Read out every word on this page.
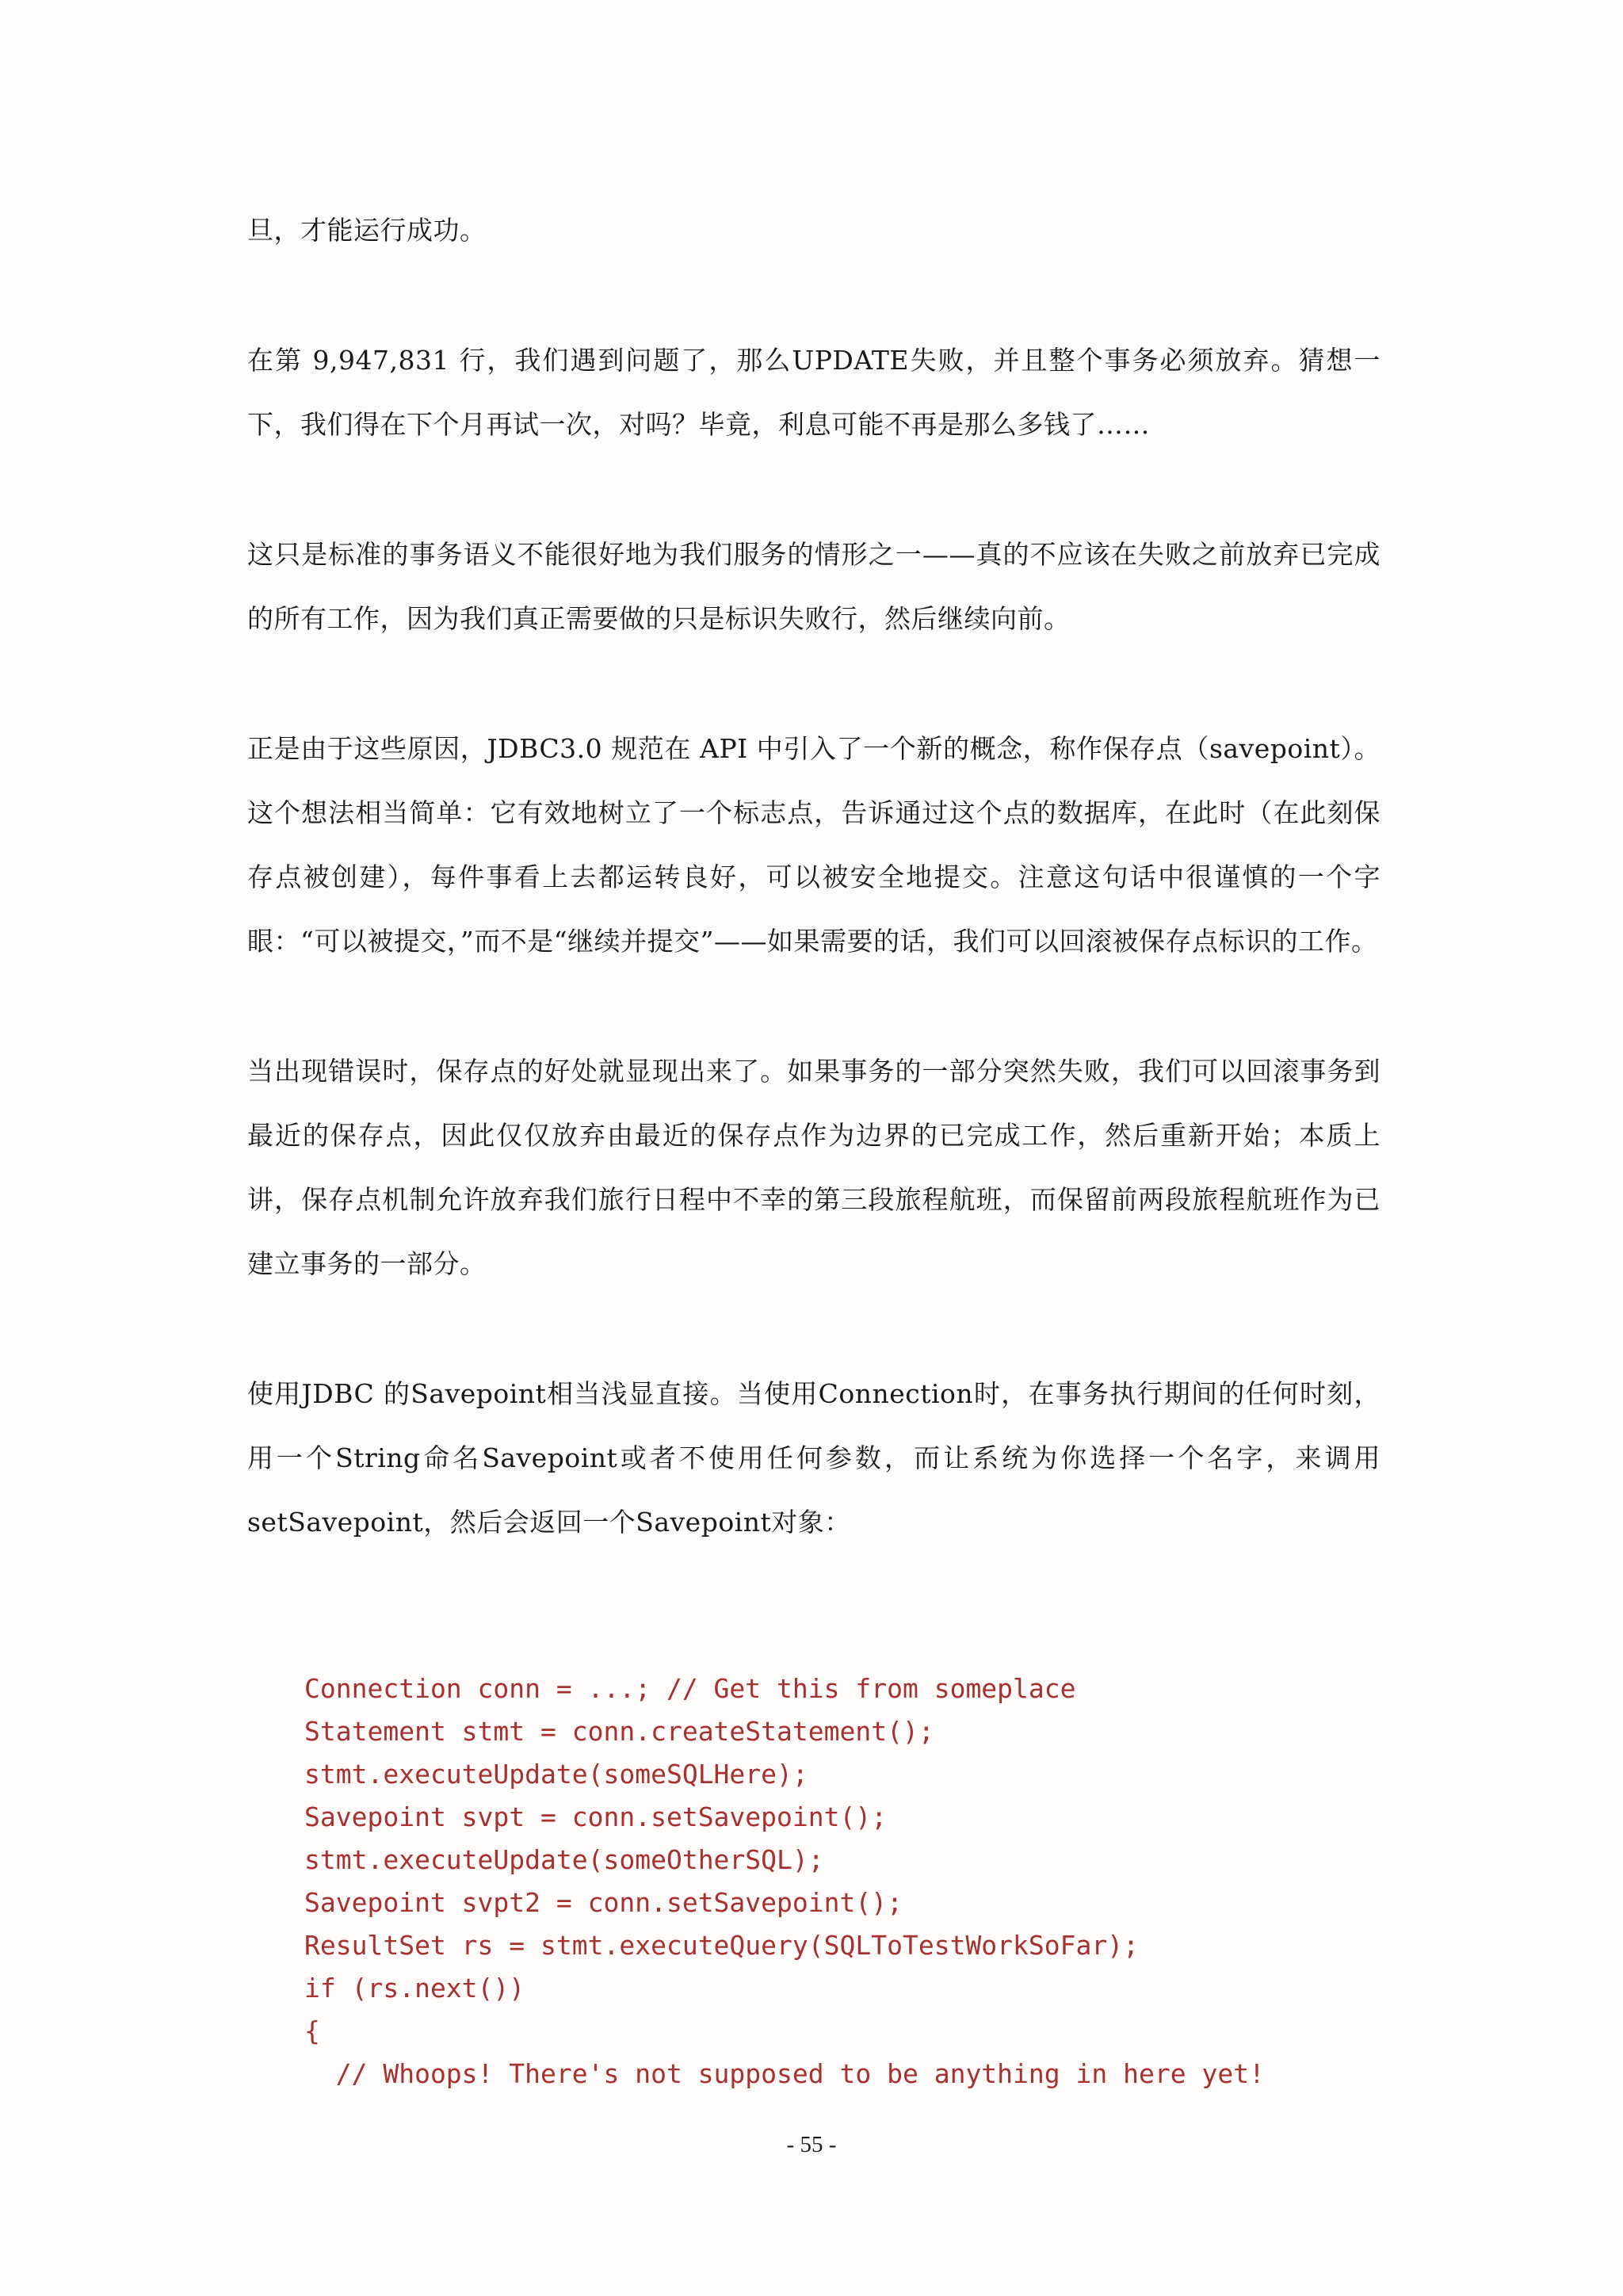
旦，才能运行成功。

在第 9,947,831 行，我们遇到问题了，那么UPDATE失败，并且整个事务必须放弃。猜想一下，我们得在下个月再试一次，对吗？毕竟，利息可能不再是那么多钱了……

这只是标准的事务语义不能很好地为我们服务的情形之一——真的不应该在失败之前放弃已完成的所有工作，因为我们真正需要做的只是标识失败行，然后继续向前。

正是由于这些原因，JDBC3.0 规范在 API 中引入了一个新的概念，称作保存点（savepoint）。这个想法相当简单：它有效地树立了一个标志点，告诉通过这个点的数据库，在此时（在此刻保存点被创建），每件事看上去都运转良好，可以被安全地提交。注意这句话中很谨慎的一个字眼：“可以被提交，”而不是“继续并提交”——如果需要的话，我们可以回滚被保存点标识的工作。

当出现错误时，保存点的好处就显现出来了。如果事务的一部分突然失败，我们可以回滚事务到最近的保存点，因此仅仅放弃由最近的保存点作为边界的已完成工作，然后重新开始；本质上讲，保存点机制允许放弃我们旅行日程中不幸的第三段旅程航班，而保留前两段旅程航班作为已建立事务的一部分。

使用JDBC 的Savepoint相当浅显直接。当使用Connection时，在事务执行期间的任何时刻，用一个String命名Savepoint或者不使用任何参数，而让系统为你选择一个名字，来调用setSavepoint，然后会返回一个Savepoint对象：

Connection conn = ...; // Get this from someplace
Statement stmt = conn.createStatement();
stmt.executeUpdate(someSQLHere);
Savepoint svpt = conn.setSavepoint();
stmt.executeUpdate(someOtherSQL);
Savepoint svpt2 = conn.setSavepoint();
ResultSet rs = stmt.executeQuery(SQLToTestWorkSoFar);
if (rs.next())
{
// Whoops! There's not supposed to be anything in here yet!
- 55 -
